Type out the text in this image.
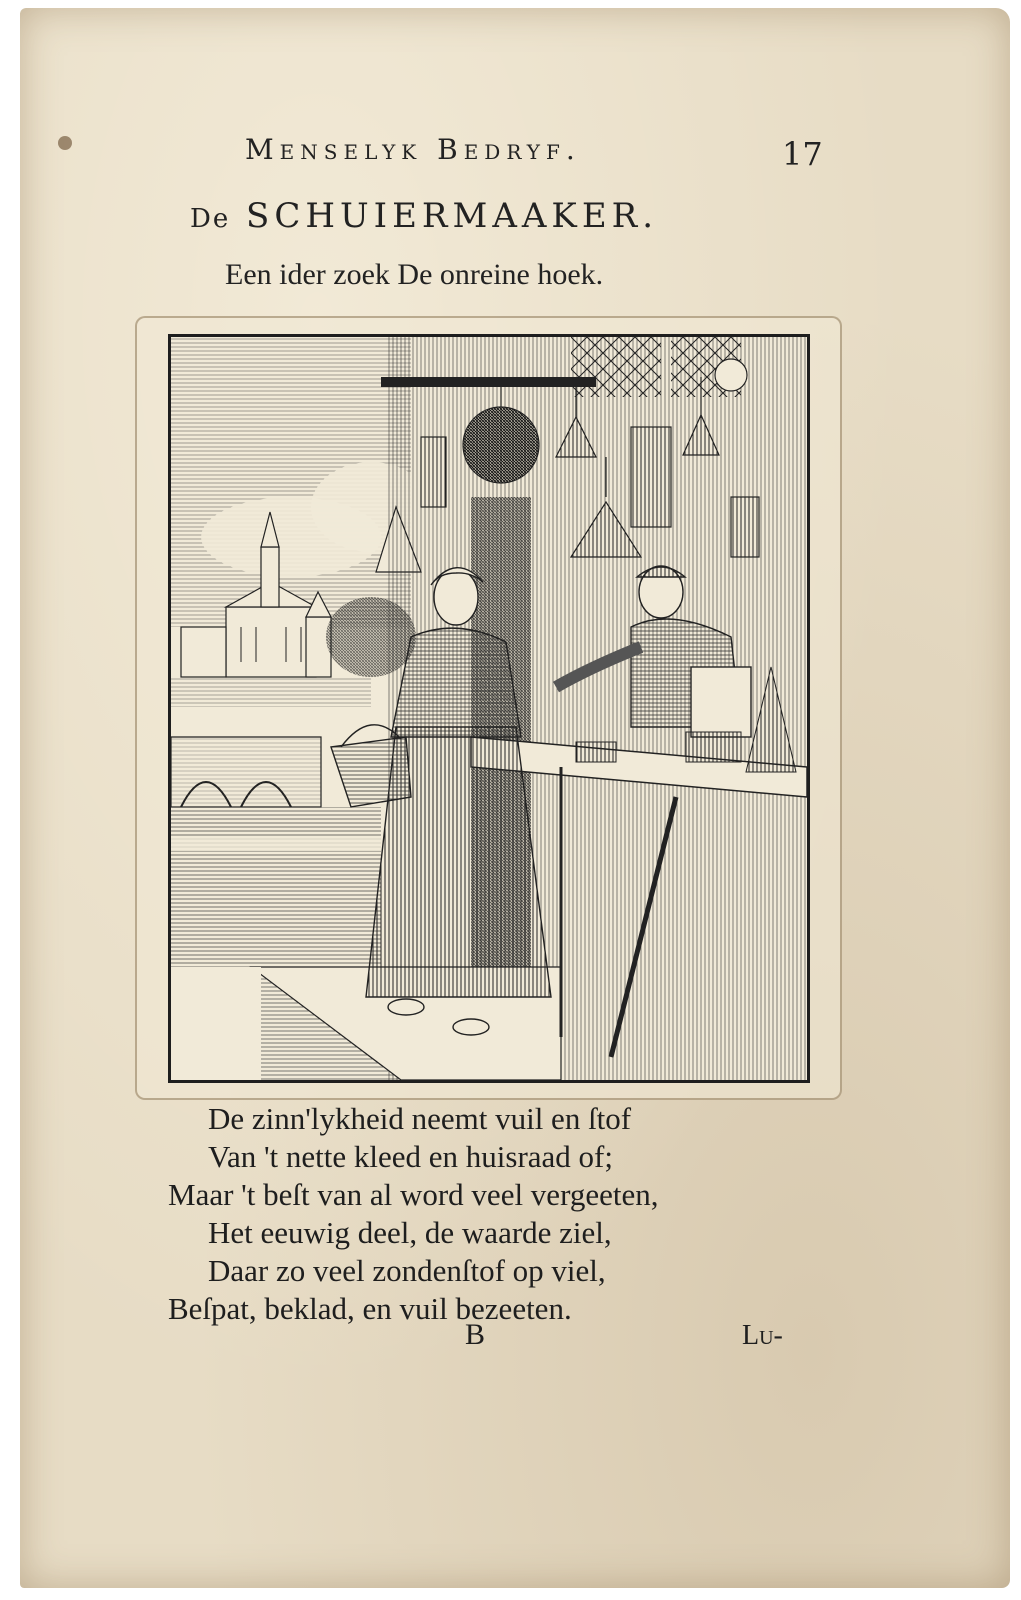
Menselyk Bedryf.	17
De SCHUIERMAAKER.
Een ider zoek De onreine hoek.
De zinn'lykheid neemt vuil en ſtof
Van 't nette kleed en huisraad of;
Maar 't beſt van al word veel vergeeten,
Het eeuwig deel, de waarde ziel,
Daar zo veel zondenſtof op viel,
Beſpat, beklad, en vuil bezeeten.
B	Lu-
